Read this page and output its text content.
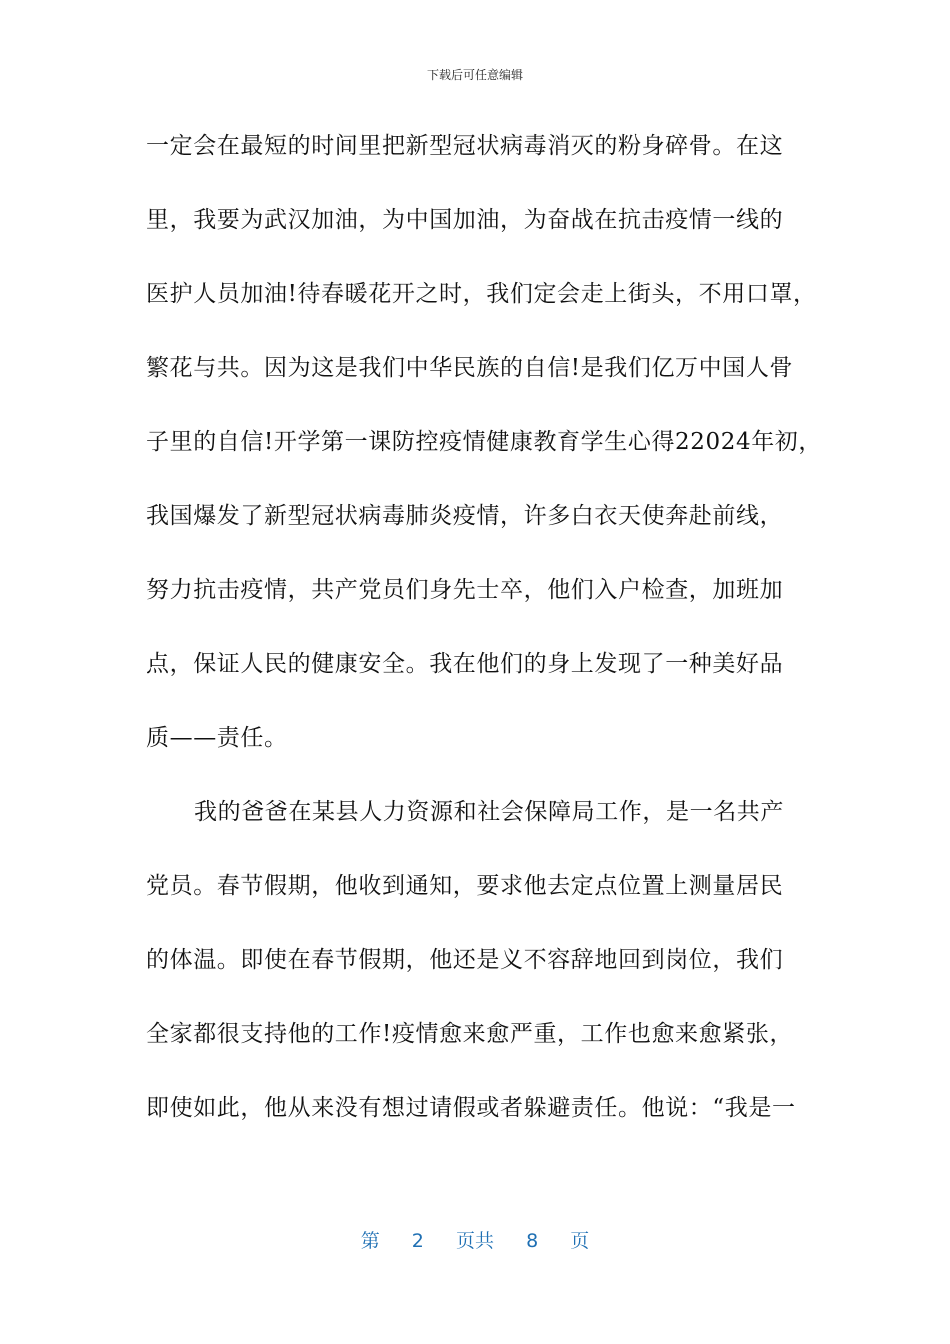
下载后可任意编辑
一定会在最短的时间里把新型冠状病毒消灭的粉身碎骨。在这
里，我要为武汉加油，为中国加油，为奋战在抗击疫情一线的
医护人员加油!待春暖花开之时，我们定会走上街头，不用口罩，
繁花与共。因为这是我们中华民族的自信!是我们亿万中国人骨
子里的自信!开学第一课防控疫情健康教育学生心得22024年初，
我国爆发了新型冠状病毒肺炎疫情，许多白衣天使奔赴前线，
努力抗击疫情，共产党员们身先士卒，他们入户检查，加班加
点，保证人民的健康安全。我在他们的身上发现了一种美好品
质——责任。
我的爸爸在某县人力资源和社会保障局工作，是一名共产
党员。春节假期，他收到通知，要求他去定点位置上测量居民
的体温。即使在春节假期，他还是义不容辞地回到岗位，我们
全家都很支持他的工作!疫情愈来愈严重，工作也愈来愈紧张，
即使如此，他从来没有想过请假或者躲避责任。他说：“我是一
第 2 页共 8 页
